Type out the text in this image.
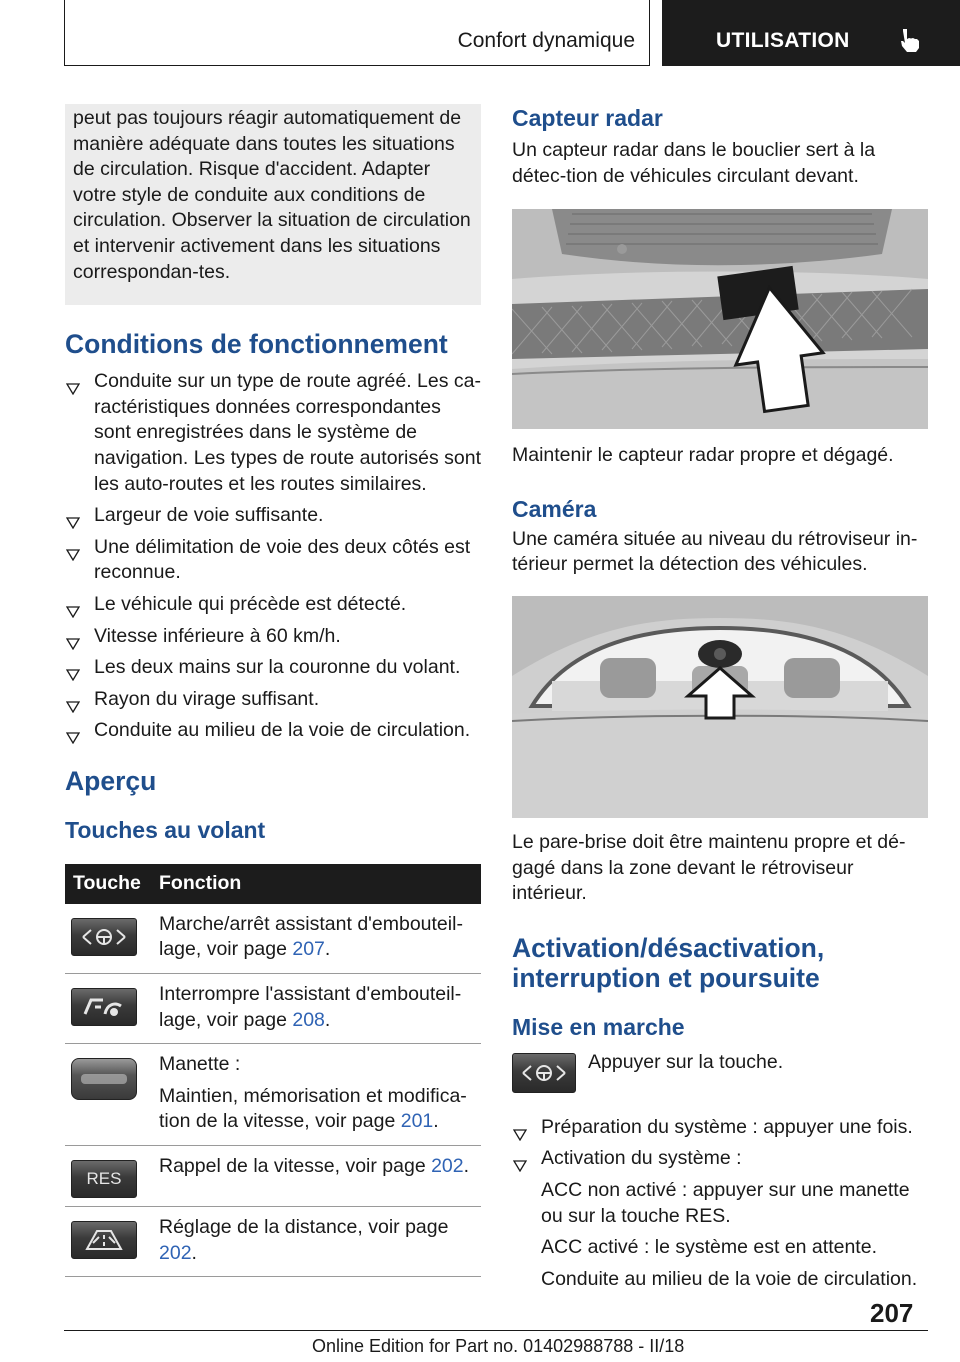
Confort dynamique	UTILISATION
peut pas toujours réagir automatiquement de manière adéquate dans toutes les situations de circulation. Risque d'accident. Adapter votre style de conduite aux conditions de circulation. Observer la situation de circulation et intervenir activement dans les situations correspondan-tes.
Conditions de fonctionnement
Conduite sur un type de route agréé. Les ca-ractéristiques données correspondantes sont enregistrées dans le système de navigation. Les types de route autorisés sont les auto-routes et les routes similaires.
Largeur de voie suffisante.
Une délimitation de voie des deux côtés est reconnue.
Le véhicule qui précède est détecté.
Vitesse inférieure à 60 km/h.
Les deux mains sur la couronne du volant.
Rayon du virage suffisant.
Conduite au milieu de la voie de circulation.
Aperçu
Touches au volant
Touche	Fonction

	Marche/arrêt assistant d'embouteil-lage, voir page 207.

	Interrompre l'assistant d'embouteil-lage, voir page 208.

	Manette :
Maintien, mémorisation et modifica-tion de la vitesse, voir page 201.

RES	Rappel de la vitesse, voir page 202.

	Réglage de la distance, voir page 202.
Capteur radar

Un capteur radar dans le bouclier sert à la détec-tion de véhicules circulant devant.

Maintenir le capteur radar propre et dégagé.

Caméra

Une caméra située au niveau du rétroviseur in-térieur permet la détection des véhicules.

Le pare-brise doit être maintenu propre et dé-gagé dans la zone devant le rétroviseur intérieur.

Activation/désactivation, interruption et poursuite
Mise en marche
Appuyer sur la touche.
Préparation du système : appuyer une fois.
Activation du système :
ACC non activé : appuyer sur une manette ou sur la touche RES.
ACC activé : le système est en attente.
Conduite au milieu de la voie de circulation.
207
Online Edition for Part no. 01402988788 - II/18
